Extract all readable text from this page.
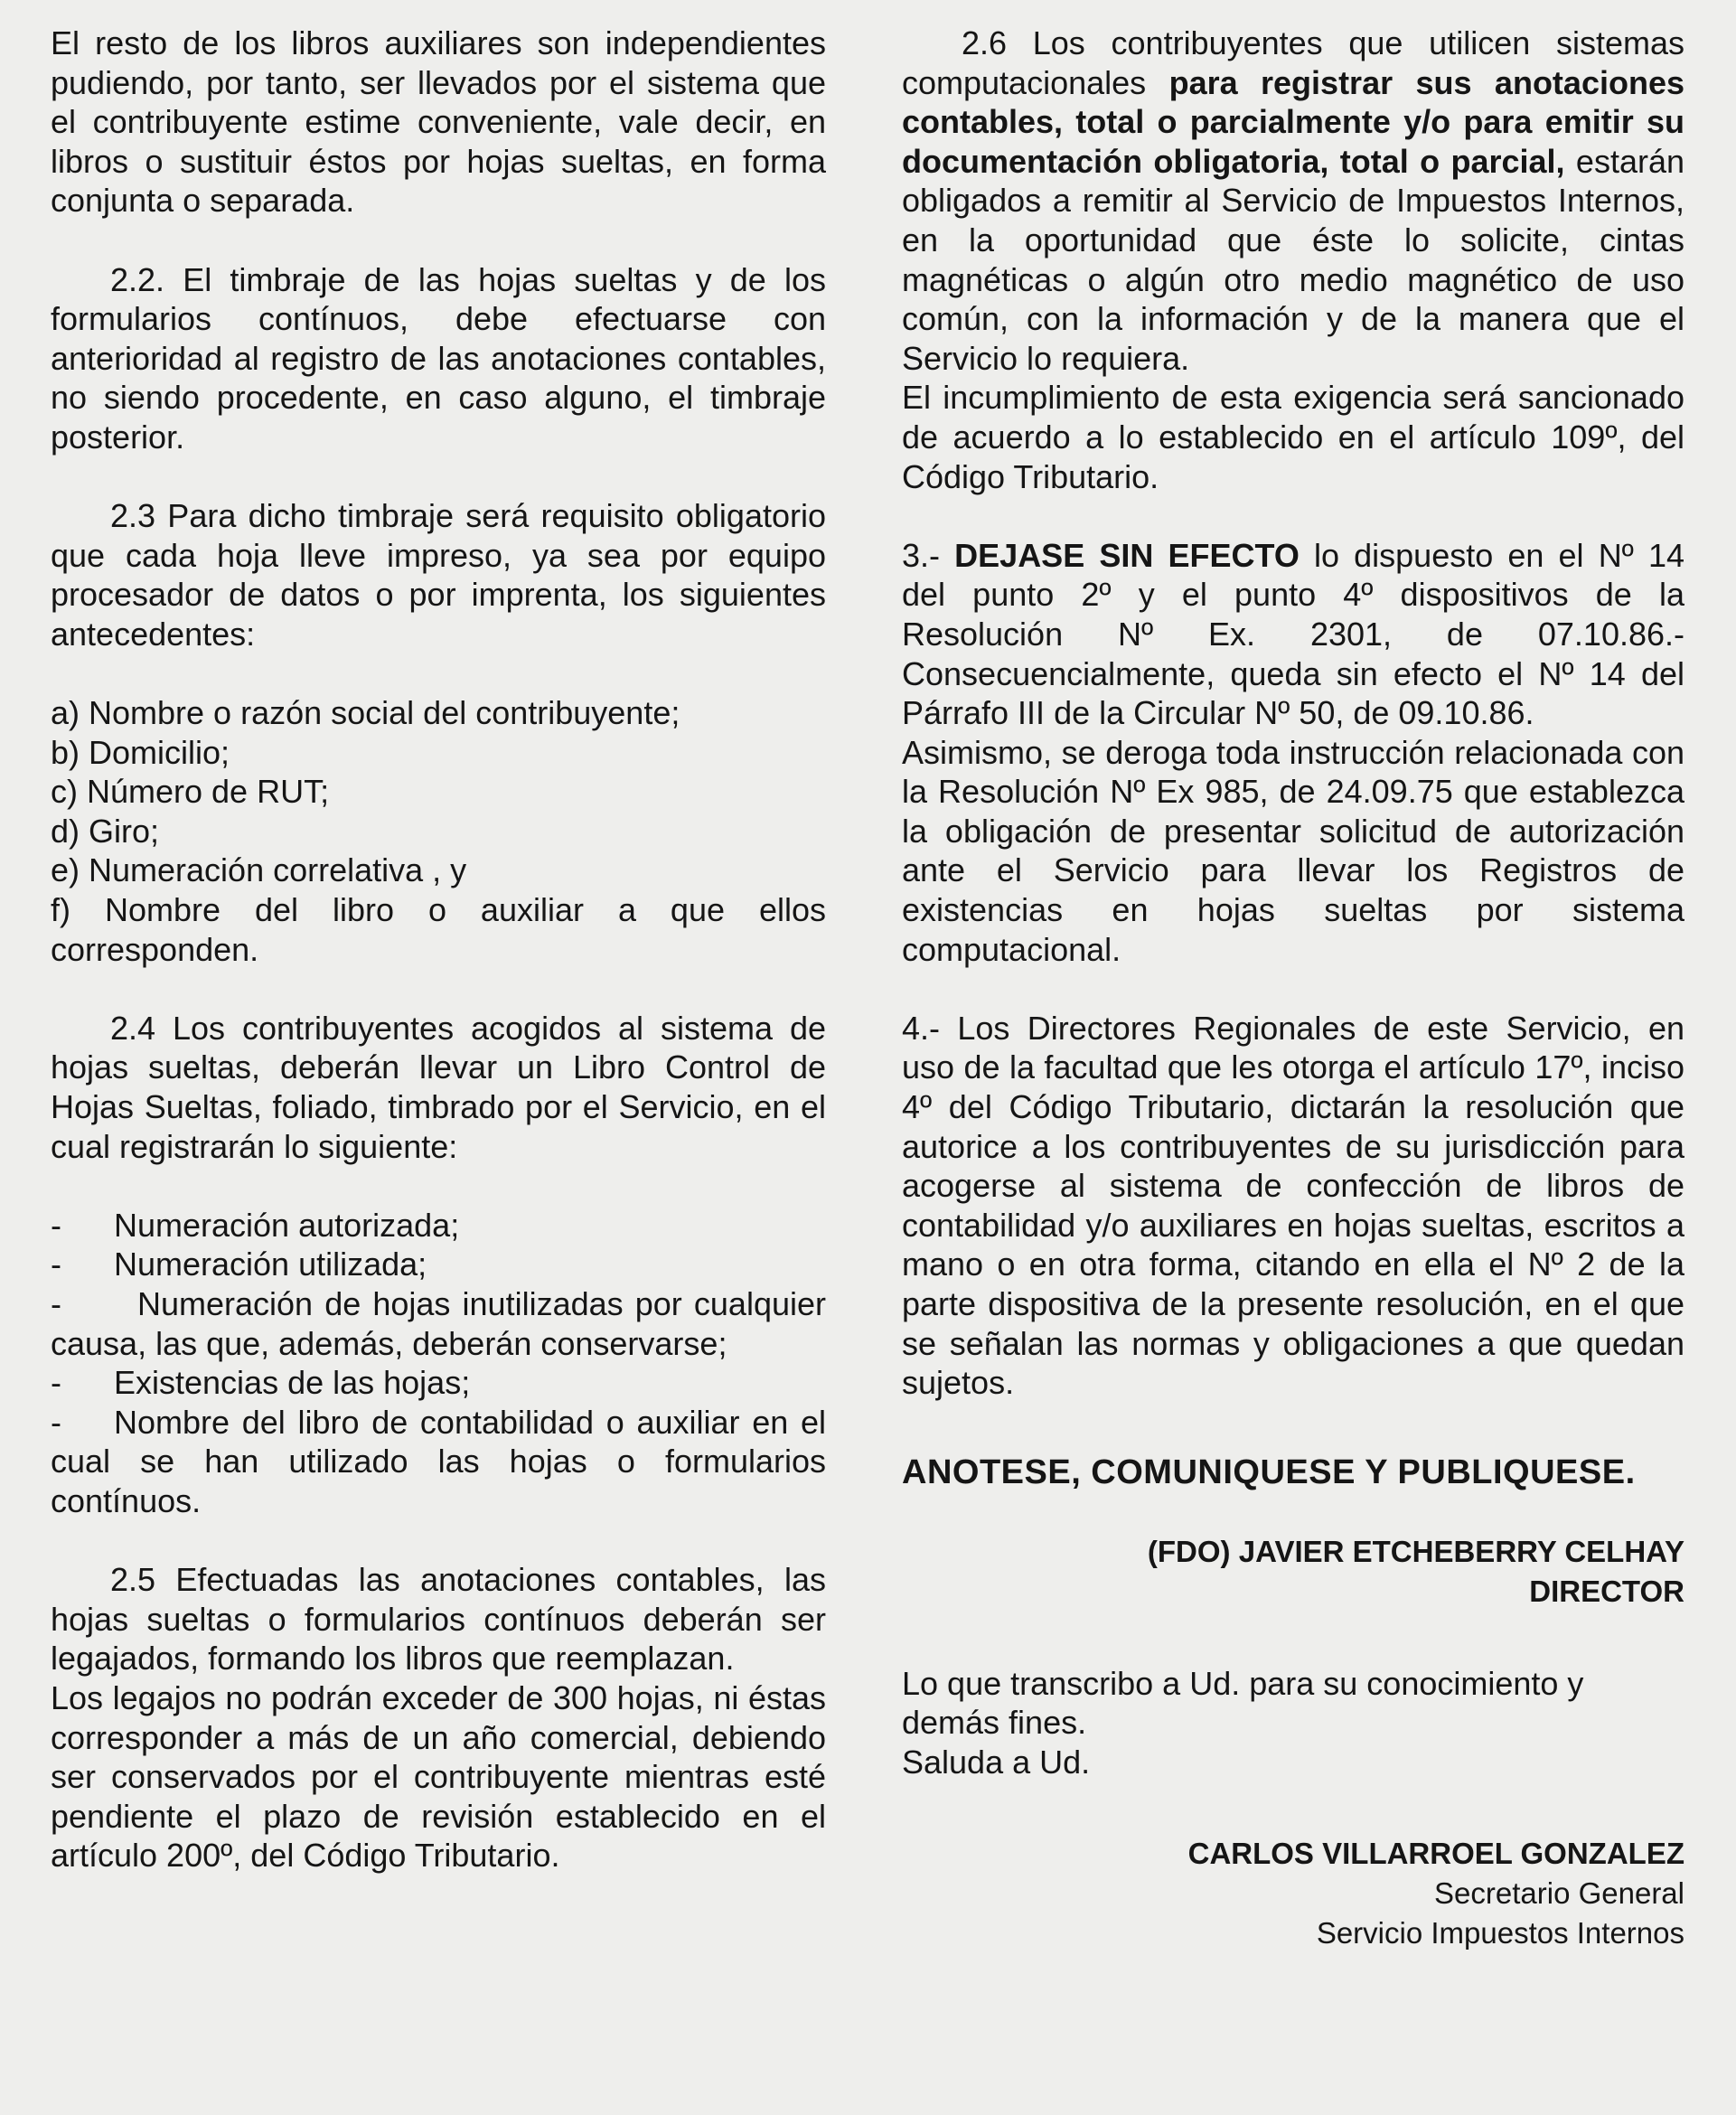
El resto de los libros auxiliares son independientes pudiendo, por tanto, ser llevados por el sistema que el contribuyente estime conveniente, vale decir, en libros o sustituir éstos por hojas sueltas, en forma conjunta o separada.

2.2. El timbraje de las hojas sueltas y de los formularios contínuos, debe efectuarse con anterioridad al registro de las anotaciones contables, no siendo procedente, en caso alguno, el timbraje posterior.

2.3 Para dicho timbraje será requisito obligatorio que cada hoja lleve impreso, ya sea por equipo procesador de datos o por imprenta, los siguientes antecedentes:

a) Nombre o razón social del contribuyente;

b) Domicilio;

c) Número de RUT;

d) Giro;

e) Numeración correlativa , y

f) Nombre del libro o auxiliar a que ellos corresponden.

2.4 Los contribuyentes acogidos al sistema de hojas sueltas, deberán llevar un Libro Control de Hojas Sueltas, foliado, timbrado por el Servicio, en el cual registrarán lo siguiente:

- Numeración autorizada;

- Numeración utilizada;

- Numeración de hojas inutilizadas por cualquier causa, las que, además, deberán conservarse;

- Existencias de las hojas;

- Nombre del libro de contabilidad o auxiliar en el cual se han utilizado las hojas o formularios contínuos.

2.5 Efectuadas las anotaciones contables, las hojas sueltas o formularios contínuos deberán ser legajados, formando los libros que reemplazan.

Los legajos no podrán exceder de 300 hojas, ni éstas corresponder a más de un año comercial, debiendo ser conservados por el contribuyente mientras esté pendiente el plazo de revisión establecido en el artículo 200º, del Código Tributario.

2.6 Los contribuyentes que utilicen sistemas computacionales para registrar sus anotaciones contables, total o parcialmente y/o para emitir su documentación obligatoria, total o parcial, estarán obligados a remitir al Servicio de Impuestos Internos, en la oportunidad que éste lo solicite, cintas magnéticas o algún otro medio magnético de uso común, con la información y de la manera que el Servicio lo requiera.

El incumplimiento de esta exigencia será sancionado de acuerdo a lo establecido en el artículo 109º, del Código Tributario.

3.- DEJASE SIN EFECTO lo dispuesto en el Nº 14 del punto 2º y el punto 4º dispositivos de la Resolución Nº Ex. 2301, de 07.10.86.- Consecuencialmente, queda sin efecto el Nº 14 del Párrafo III de la Circular Nº 50, de 09.10.86.

Asimismo, se deroga toda instrucción relacionada con la Resolución Nº Ex 985, de 24.09.75 que establezca la obligación de presentar solicitud de autorización ante el Servicio para llevar los Registros de existencias en hojas sueltas por sistema computacional.

4.- Los Directores Regionales de este Servicio, en uso de la facultad que les otorga el artículo 17º, inciso 4º del Código Tributario, dictarán la resolución que autorice a los contribuyentes de su jurisdicción para acogerse al sistema de confección de libros de contabilidad y/o auxiliares en hojas sueltas, escritos a mano o en otra forma, citando en ella el Nº 2 de la parte dispositiva de la presente resolución, en el que se señalan las normas y obligaciones a que quedan sujetos.

ANOTESE, COMUNIQUESE Y PUBLIQUESE.

(FDO) JAVIER ETCHEBERRY CELHAY

DIRECTOR

Lo que transcribo a Ud. para su conocimiento y demás fines.

Saluda a Ud.

CARLOS VILLARROEL GONZALEZ

Secretario General

Servicio Impuestos Internos
